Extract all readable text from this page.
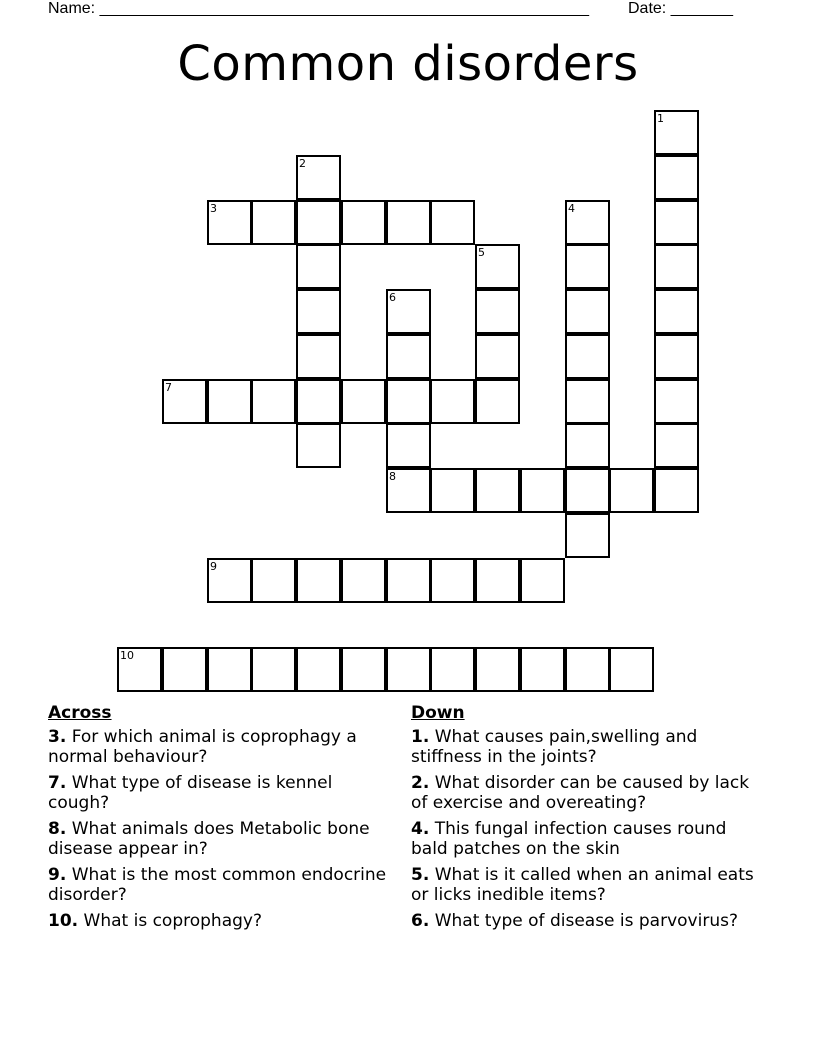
Name: _______________________________________________________ Date: _______
Common disorders
1
2
3	4
5
6
8
7
9
10
Across
3. For which animal is coprophagy a normal behaviour?
7. What type of disease is kennel cough?
8. What animals does Metabolic bone disease appear in?
9. What is the most common endocrine disorder?
10. What is coprophagy?
Down
1. What causes pain,swelling and stiffness in the joints?
2. What disorder can be caused by lack of exercise and overeating?
4. This fungal infection causes round bald patches on the skin
5. What is it called when an animal eats or licks inedible items?
6. What type of disease is parvovirus?
